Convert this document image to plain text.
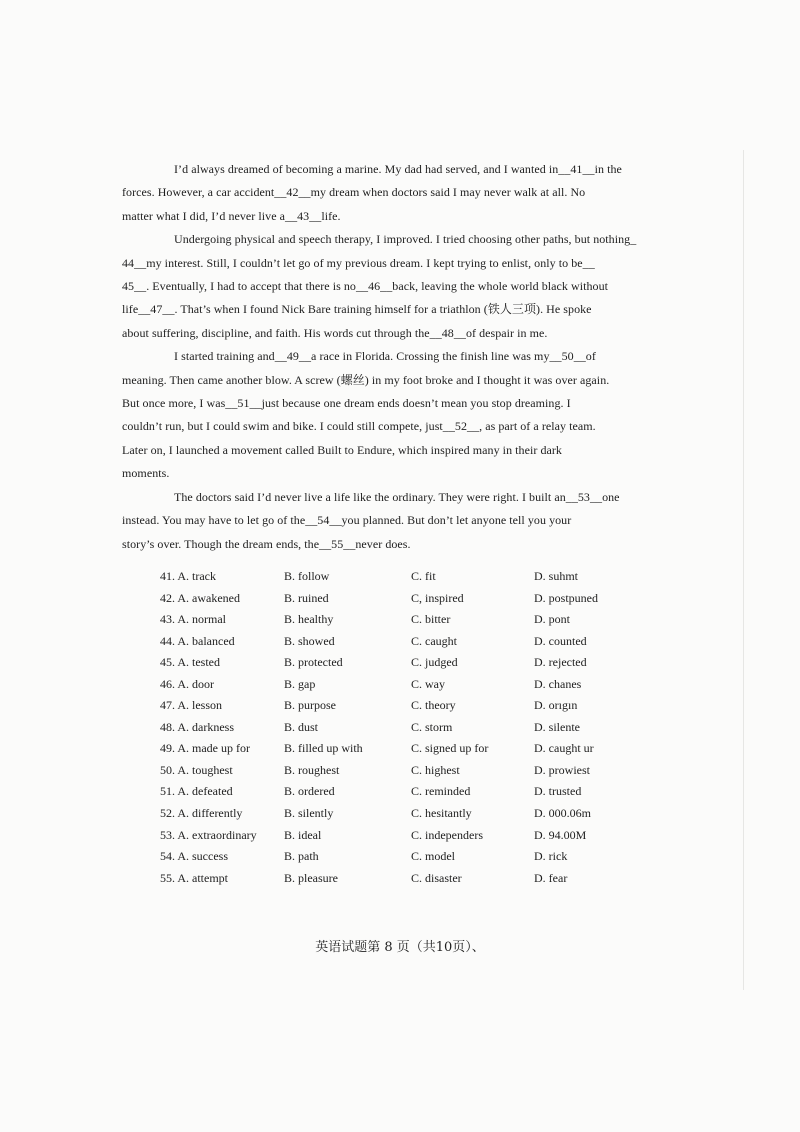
I’d always dreamed of becoming a marine. My dad had served, and I wanted in__41__in the
forces. However, a car accident__42__my dream when doctors said I may never walk at all. No
matter what I did, I’d never live a__43__life.

Undergoing physical and speech therapy, I improved. I tried choosing other paths, but nothing_
44__my interest. Still, I couldn’t let go of my previous dream. I kept trying to enlist, only to be__
45__. Eventually, I had to accept that there is no__46__back, leaving the whole world black without
life__47__. That’s when I found Nick Bare training himself for a triathlon (铁人三项). He spoke
about suffering, discipline, and faith. His words cut through the__48__of despair in me.

I started training and__49__a race in Florida. Crossing the finish line was my__50__of
meaning. Then came another blow. A screw (螺丝) in my foot broke and I thought it was over again.
But once more, I was__51__just because one dream ends doesn’t mean you stop dreaming. I
couldn’t run, but I could swim and bike. I could still compete, just__52__, as part of a relay team.
Later on, I launched a movement called Built to Endure, which inspired many in their dark
moments.

The doctors said I’d never live a life like the ordinary. They were right. I built an__53__one
instead. You may have to let go of the__54__you planned. But don’t let anyone tell you your
story’s over. Though the dream ends, the__55__never does.

41. A. track	B. follow	C. fit	D. suhmt
42. A. awakened	B. ruined	C, inspired	D. postpuned
43. A. normal	B. healthy	C. bitter	D. pont
44. A. balanced	B. showed	C. caught	D. counted
45. A. tested	B. protected	C. judged	D. rejected
46. A. door	B. gap	C. way	D. chanes
47. A. lesson	B. purpose	C. theory	D. orıgın
48. A. darkness	B. dust	C. storm	D. silente
49. A. made up for	B. filled up with	C. signed up for	D. caught ur
50. A. toughest	B. roughest	C. highest	D. prowiest
51. A. defeated	B. ordered	C. reminded	D. trusted
52. A. differently	B. silently	C. hesitantly	D. 000.06m
53. A. extraordinary B. ideal	C. independers	D. 94.00M
54. A. success	B. path	C. model	D. rick
55. A. attempt	B. pleasure	C. disaster	D. fear
英语试题第 8 页（共10页）、
